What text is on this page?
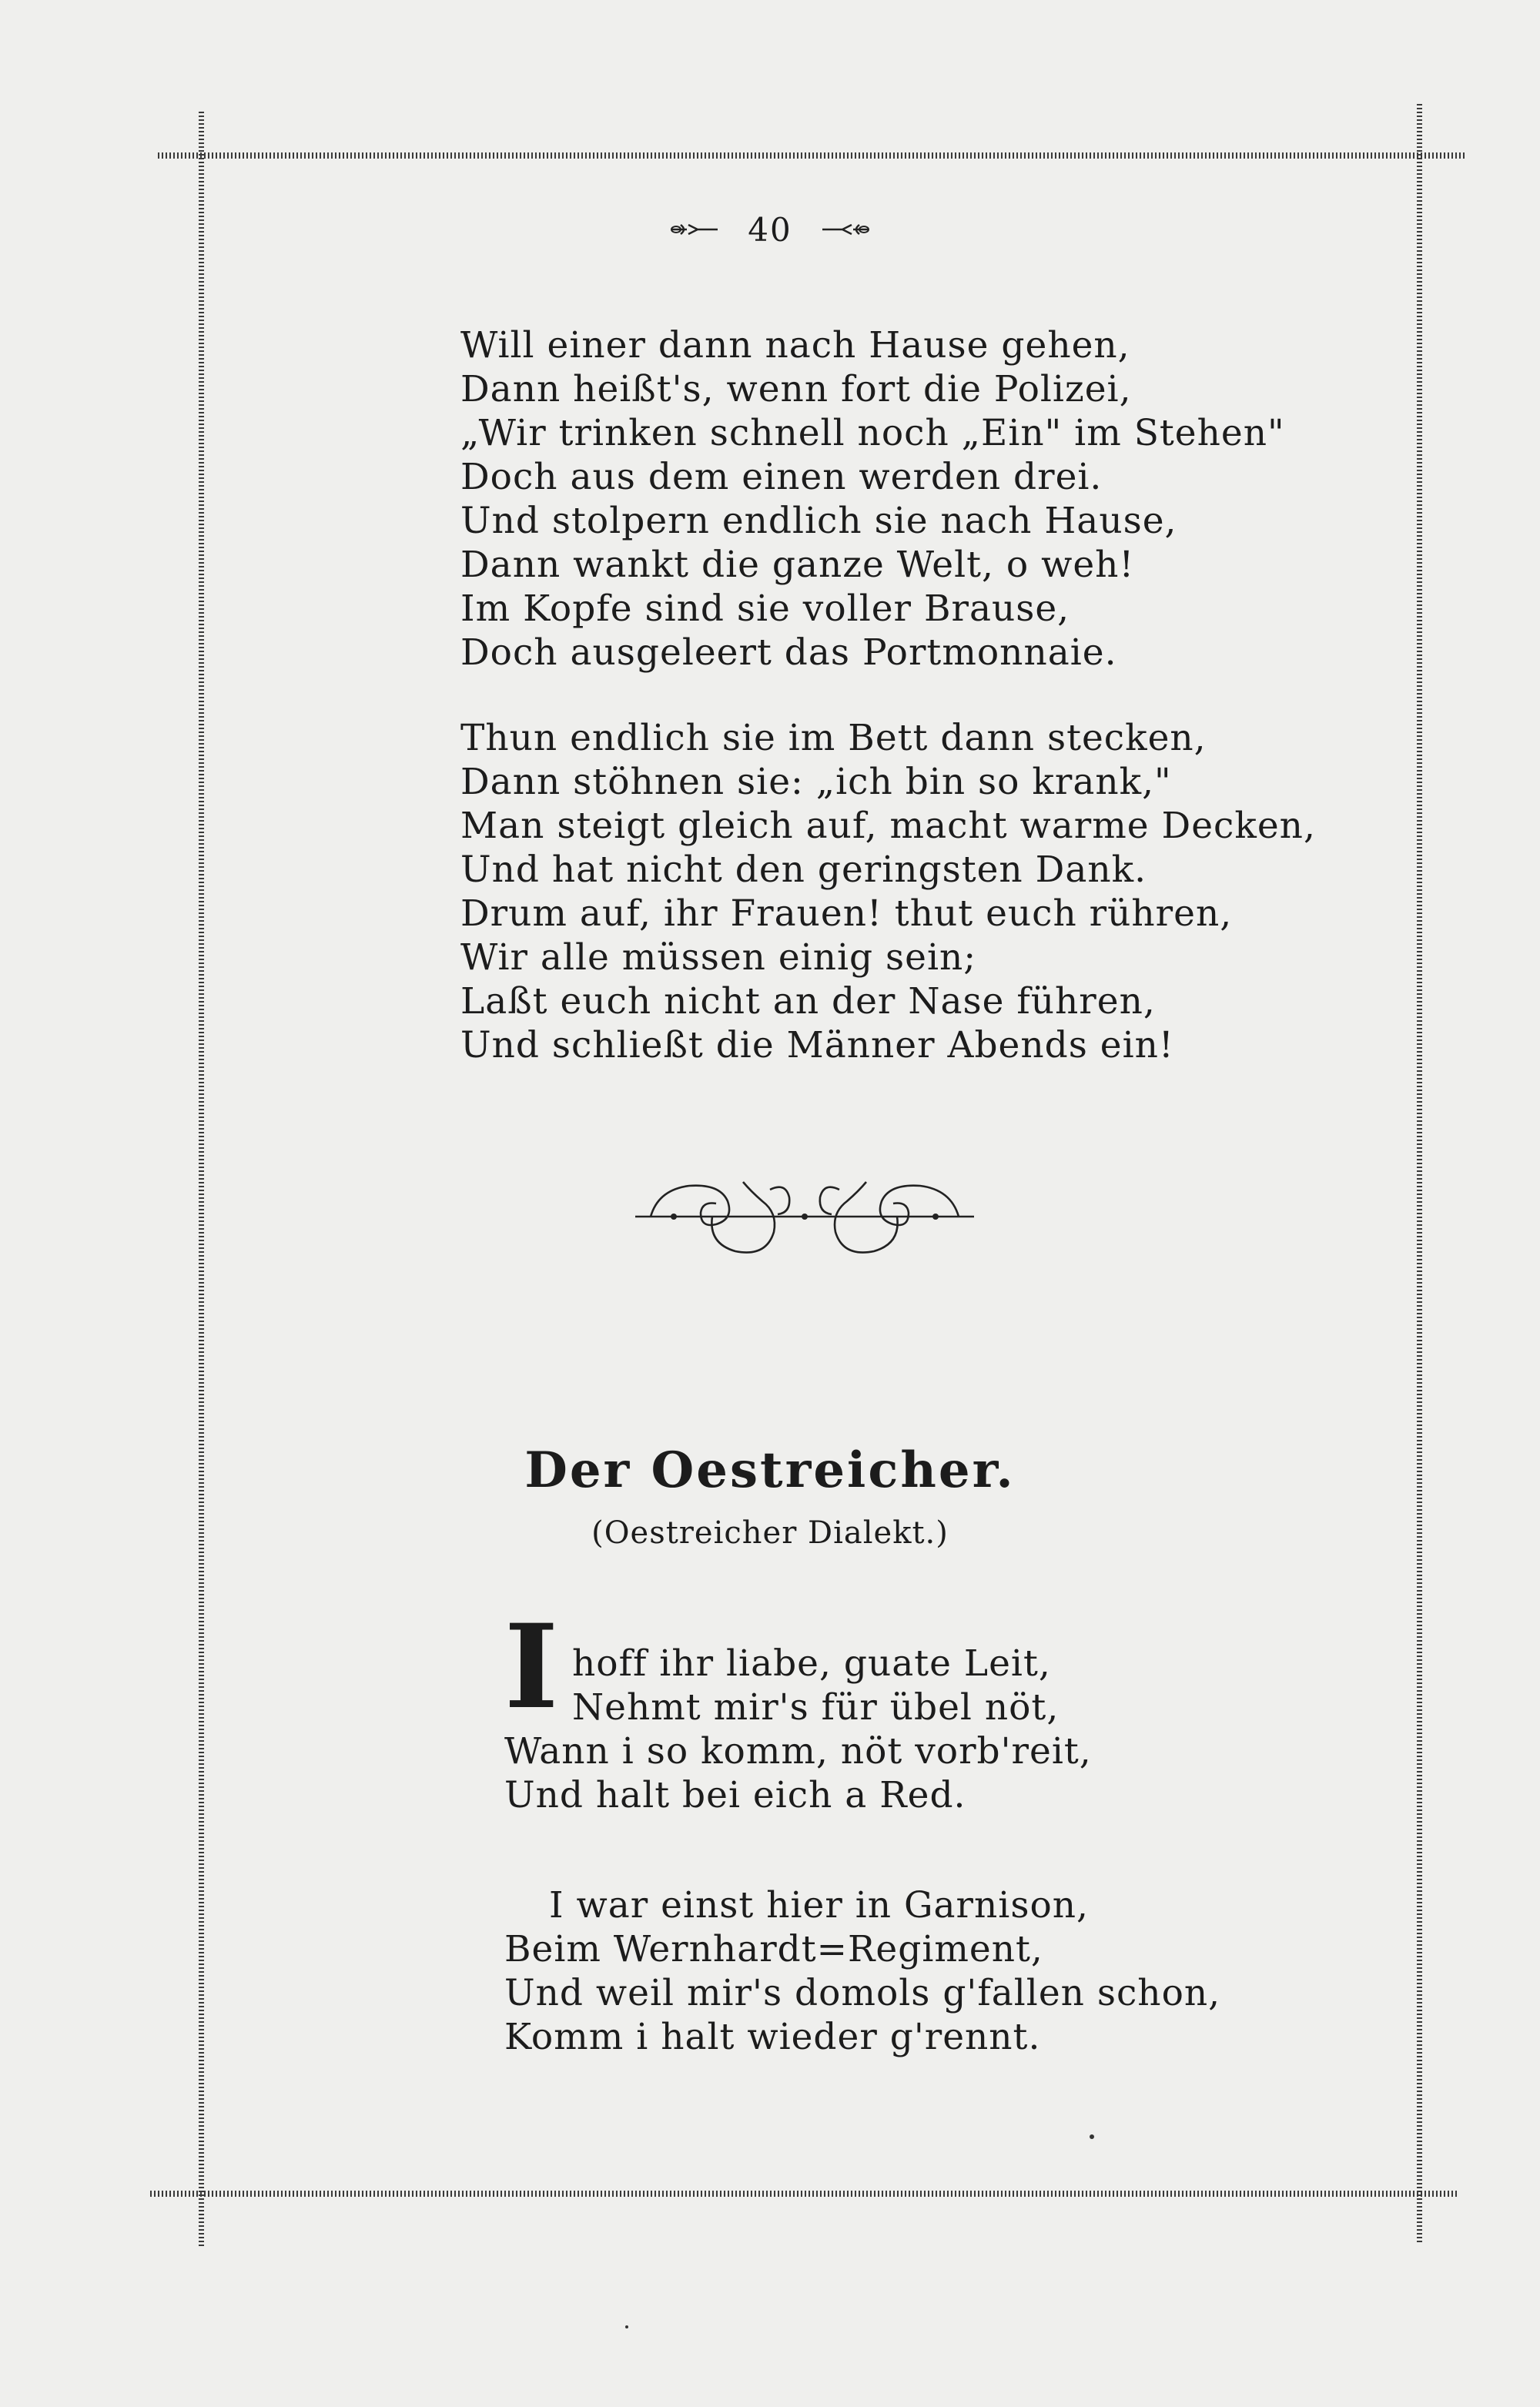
40
Will einer dann nach Hause gehen,
Dann heißt's, wenn fort die Polizei,
„Wir trinken schnell noch „Ein" im Stehen"
Doch aus dem einen werden drei.
Und stolpern endlich sie nach Hause,
Dann wankt die ganze Welt, o weh!
Im Kopfe sind sie voller Brause,
Doch ausgeleert das Portmonnaie.
Thun endlich sie im Bett dann stecken,
Dann stöhnen sie: „ich bin so krank,"
Man steigt gleich auf, macht warme Decken,
Und hat nicht den geringsten Dank.
Drum auf, ihr Frauen! thut euch rühren,
Wir alle müssen einig sein;
Laßt euch nicht an der Nase führen,
Und schließt die Männer Abends ein!
Der Oestreicher.
(Oestreicher Dialekt.)
I hoff ihr liabe, guate Leit,
Nehmt mir's für übel nöt,
Wann i so komm, nöt vorb'reit,
Und halt bei eich a Red.
I war einst hier in Garnison,
Beim Wernhardt=Regiment,
Und weil mir's domols g'fallen schon,
Komm i halt wieder g'rennt.
